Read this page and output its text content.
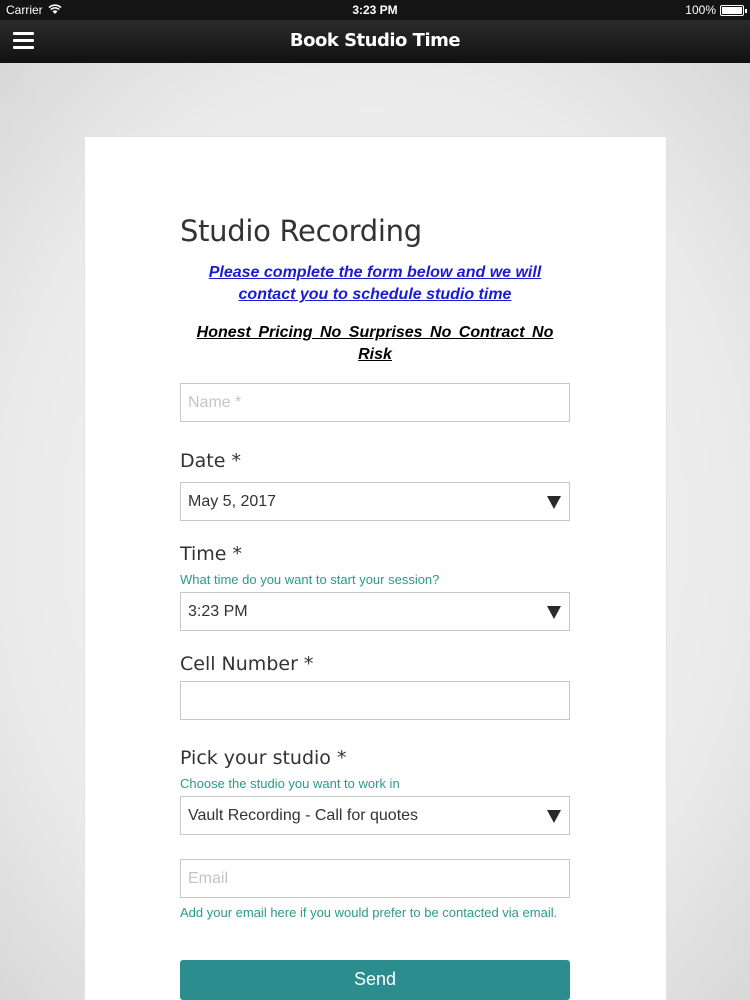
Carrier	3:23 PM	100%
Book Studio Time
Studio Recording
Please complete the form below and we will contact you to schedule studio time
Honest Pricing No Surprises No Contract No Risk
Name *
Date *
May 5, 2017
Time *
What time do you want to start your session?
3:23 PM
Cell Number *
Pick your studio *
Choose the studio you want to work in
Vault Recording - Call for quotes
Email
Add your email here if you would prefer to be contacted via email.
Send
